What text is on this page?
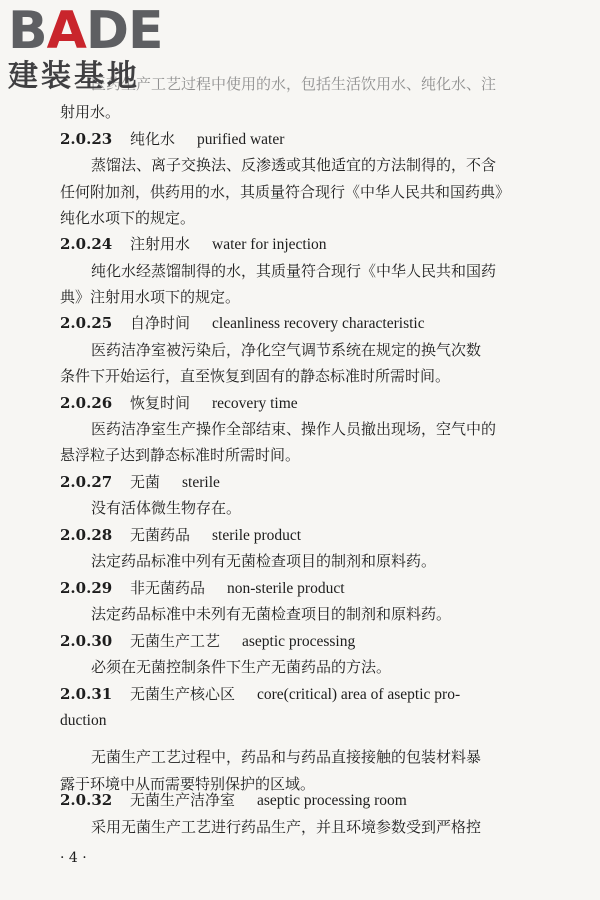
医药生产工艺过程中使用的水，包括生活饮用水、纯化水、注
射用水。
2.0.23 纯化水 purified water
蒸馏法、离子交换法、反渗透或其他适宜的方法制得的，不含
任何附加剂，供药用的水，其质量符合现行《中华人民共和国药典》
纯化水项下的规定。
2.0.24 注射用水 water for injection
纯化水经蒸馏制得的水，其质量符合现行《中华人民共和国药
典》注射用水项下的规定。
2.0.25 自净时间 cleanliness recovery characteristic
医药洁净室被污染后，净化空气调节系统在规定的换气次数
条件下开始运行，直至恢复到固有的静态标准时所需时间。
2.0.26 恢复时间 recovery time
医药洁净室生产操作全部结束、操作人员撤出现场，空气中的
悬浮粒子达到静态标准时所需时间。
2.0.27 无菌 sterile
没有活体微生物存在。
2.0.28 无菌药品 sterile product
法定药品标准中列有无菌检查项目的制剂和原料药。
2.0.29 非无菌药品 non-sterile product
法定药品标准中未列有无菌检查项目的制剂和原料药。
2.0.30 无菌生产工艺 aseptic processing
必须在无菌控制条件下生产无菌药品的方法。
2.0.31 无菌生产核心区 core(critical) area of aseptic pro-
duction
无菌生产工艺过程中，药品和与药品直接接触的包装材料暴
露于环境中从而需要特别保护的区域。
2.0.32 无菌生产洁净室 aseptic processing room
采用无菌生产工艺进行药品生产，并且环境参数受到严格控
· 4 ·
BADE
建装基地
